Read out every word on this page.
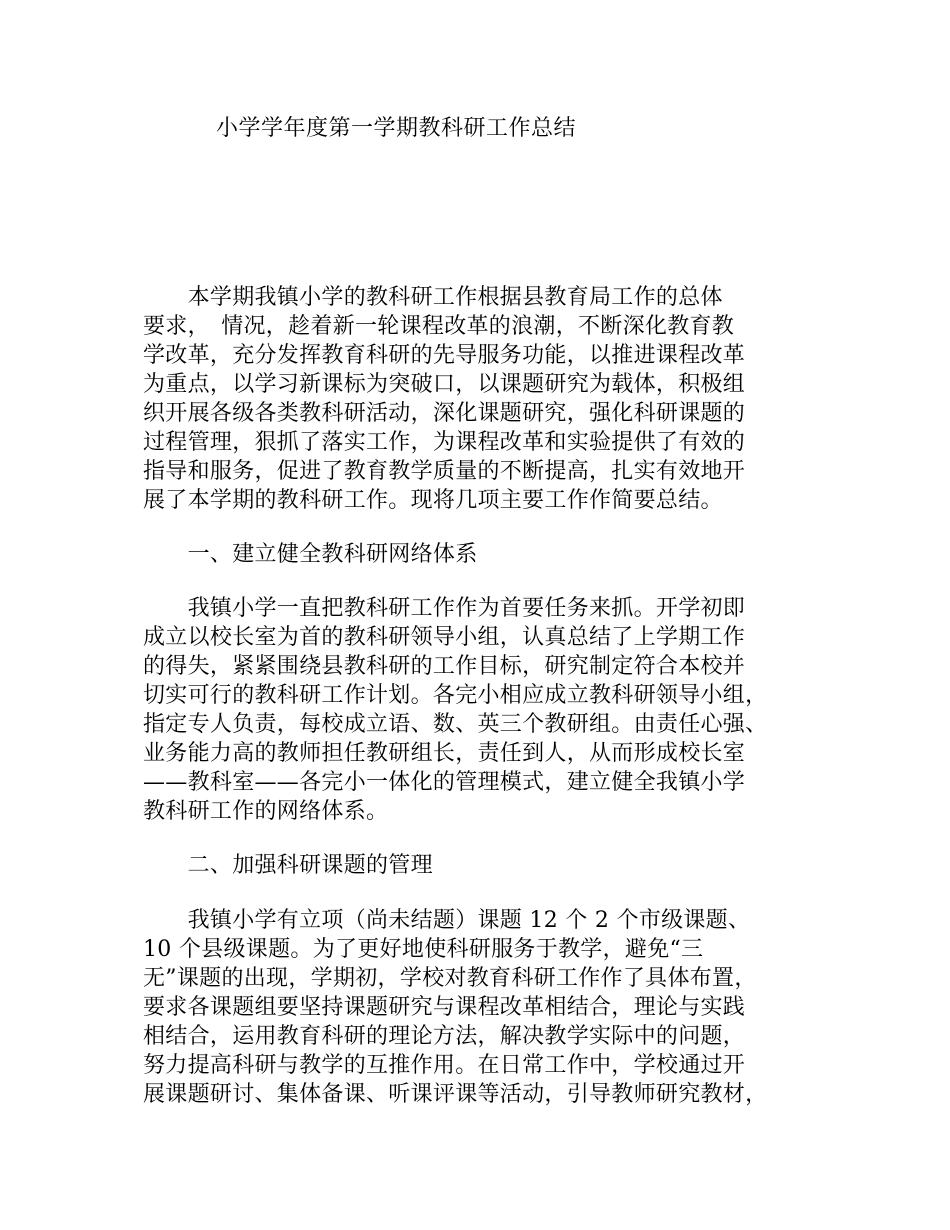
小学学年度第一学期教科研工作总结
　　本学期我镇小学的教科研工作根据县教育局工作的总体
要求，　情况，趁着新一轮课程改革的浪潮，不断深化教育教
学改革，充分发挥教育科研的先导服务功能，以推进课程改革
为重点，以学习新课标为突破口，以课题研究为载体，积极组
织开展各级各类教科研活动，深化课题研究，强化科研课题的
过程管理，狠抓了落实工作，为课程改革和实验提供了有效的
指导和服务，促进了教育教学质量的不断提高，扎实有效地开
展了本学期的教科研工作。现将几项主要工作作简要总结。
　　一、建立健全教科研网络体系
　　我镇小学一直把教科研工作作为首要任务来抓。开学初即
成立以校长室为首的教科研领导小组，认真总结了上学期工作
的得失，紧紧围绕县教科研的工作目标，研究制定符合本校并
切实可行的教科研工作计划。各完小相应成立教科研领导小组，
指定专人负责，每校成立语、数、英三个教研组。由责任心强、
业务能力高的教师担任教研组长，责任到人，从而形成校长室
——教科室——各完小一体化的管理模式，建立健全我镇小学
教科研工作的网络体系。
　　二、加强科研课题的管理
　　我镇小学有立项（尚未结题）课题 12 个 2 个市级课题、
10 个县级课题。为了更好地使科研服务于教学，避免“三
无”课题的出现，学期初，学校对教育科研工作作了具体布置，
要求各课题组要坚持课题研究与课程改革相结合，理论与实践
相结合，运用教育科研的理论方法，解决教学实际中的问题，
努力提高科研与教学的互推作用。在日常工作中，学校通过开
展课题研讨、集体备课、听课评课等活动，引导教师研究教材，
